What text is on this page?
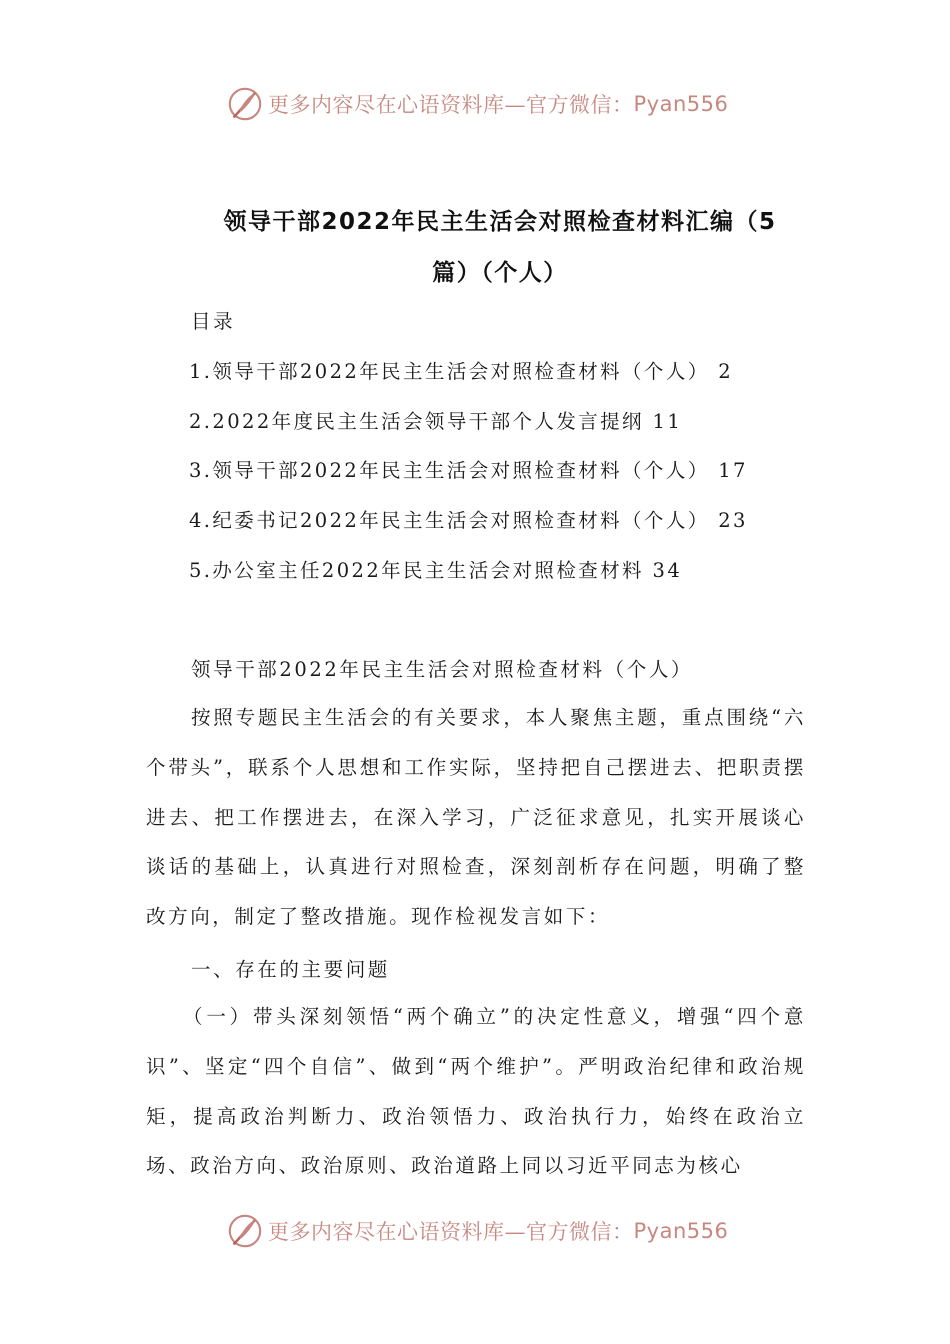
更多内容尽在心语资料库—官方微信： Pyan556
领导干部2022年民主生活会对照检查材料汇编（5
篇）（个人）
目录
1.领导干部2022年民主生活会对照检查材料（个人） 2
2.2022年度民主生活会领导干部个人发言提纲 11
3.领导干部2022年民主生活会对照检查材料（个人） 17
4.纪委书记2022年民主生活会对照检查材料（个人） 23
5.办公室主任2022年民主生活会对照检查材料 34
领导干部2022年民主生活会对照检查材料（个人）
按照专题民主生活会的有关要求，本人聚焦主题，重点围绕“六个带头”，联系个人思想和工作实际，坚持把自己摆进去、把职责摆进去、把工作摆进去，在深入学习，广泛征求意见，扎实开展谈心谈话的基础上，认真进行对照检查，深刻剖析存在问题，明确了整改方向，制定了整改措施。现作检视发言如下：
一、存在的主要问题
（一）带头深刻领悟“两个确立”的决定性意义，增强“四个意识”、坚定“四个自信”、做到“两个维护”。严明政治纪律和政治规矩，提高政治判断力、政治领悟力、政治执行力，始终在政治立场、政治方向、政治原则、政治道路上同以习近平同志为核心
更多内容尽在心语资料库—官方微信： Pyan556
